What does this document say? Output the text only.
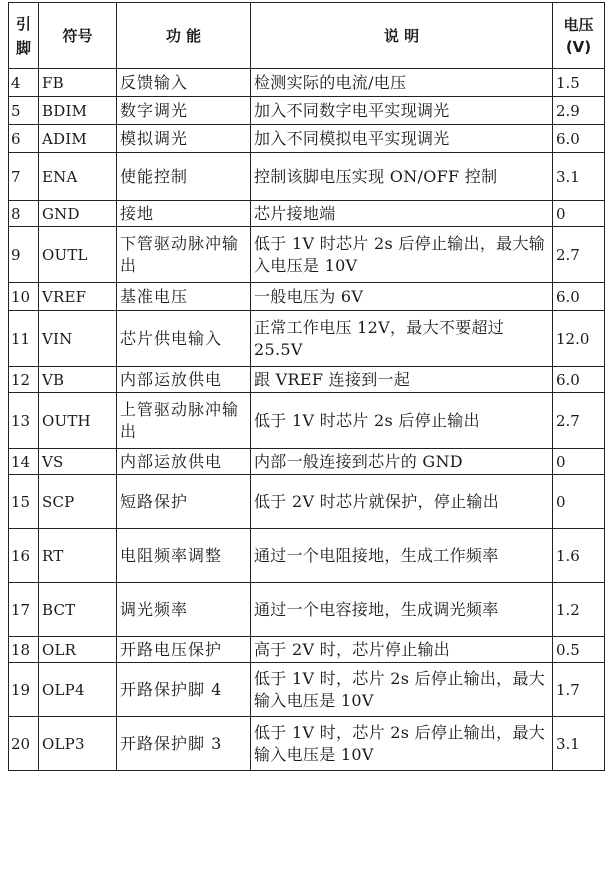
引脚	符号	功 能	说 明	电压(V)
4	FB	反馈输入	检测实际的电流/电压	1.5
5	BDIM	数字调光	加入不同数字电平实现调光	2.9
6	ADIM	模拟调光	加入不同模拟电平实现调光	6.0
7	ENA	使能控制	控制该脚电压实现 ON/OFF 控制	3.1
8	GND	接地	芯片接地端	0
9	OUTL	下管驱动脉冲输出	低于 1V 时芯片 2s 后停止输出，最大输入电压是 10V	2.7
10	VREF	基准电压	一般电压为 6V	6.0
11	VIN	芯片供电输入	正常工作电压 12V，最大不要超过 25.5V	12.0
12	VB	内部运放供电	跟 VREF 连接到一起	6.0
13	OUTH	上管驱动脉冲输出	低于 1V 时芯片 2s 后停止输出	2.7
14	VS	内部运放供电	内部一般连接到芯片的 GND	0
15	SCP	短路保护	低于 2V 时芯片就保护，停止输出	0
16	RT	电阻频率调整	通过一个电阻接地，生成工作频率	1.6
17	BCT	调光频率	通过一个电容接地，生成调光频率	1.2
18	OLR	开路电压保护	高于 2V 时，芯片停止输出	0.5
19	OLP4	开路保护脚 4	低于 1V 时，芯片 2s 后停止输出，最大输入电压是 10V	1.7
20	OLP3	开路保护脚 3	低于 1V 时，芯片 2s 后停止输出，最大输入电压是 10V	3.1
